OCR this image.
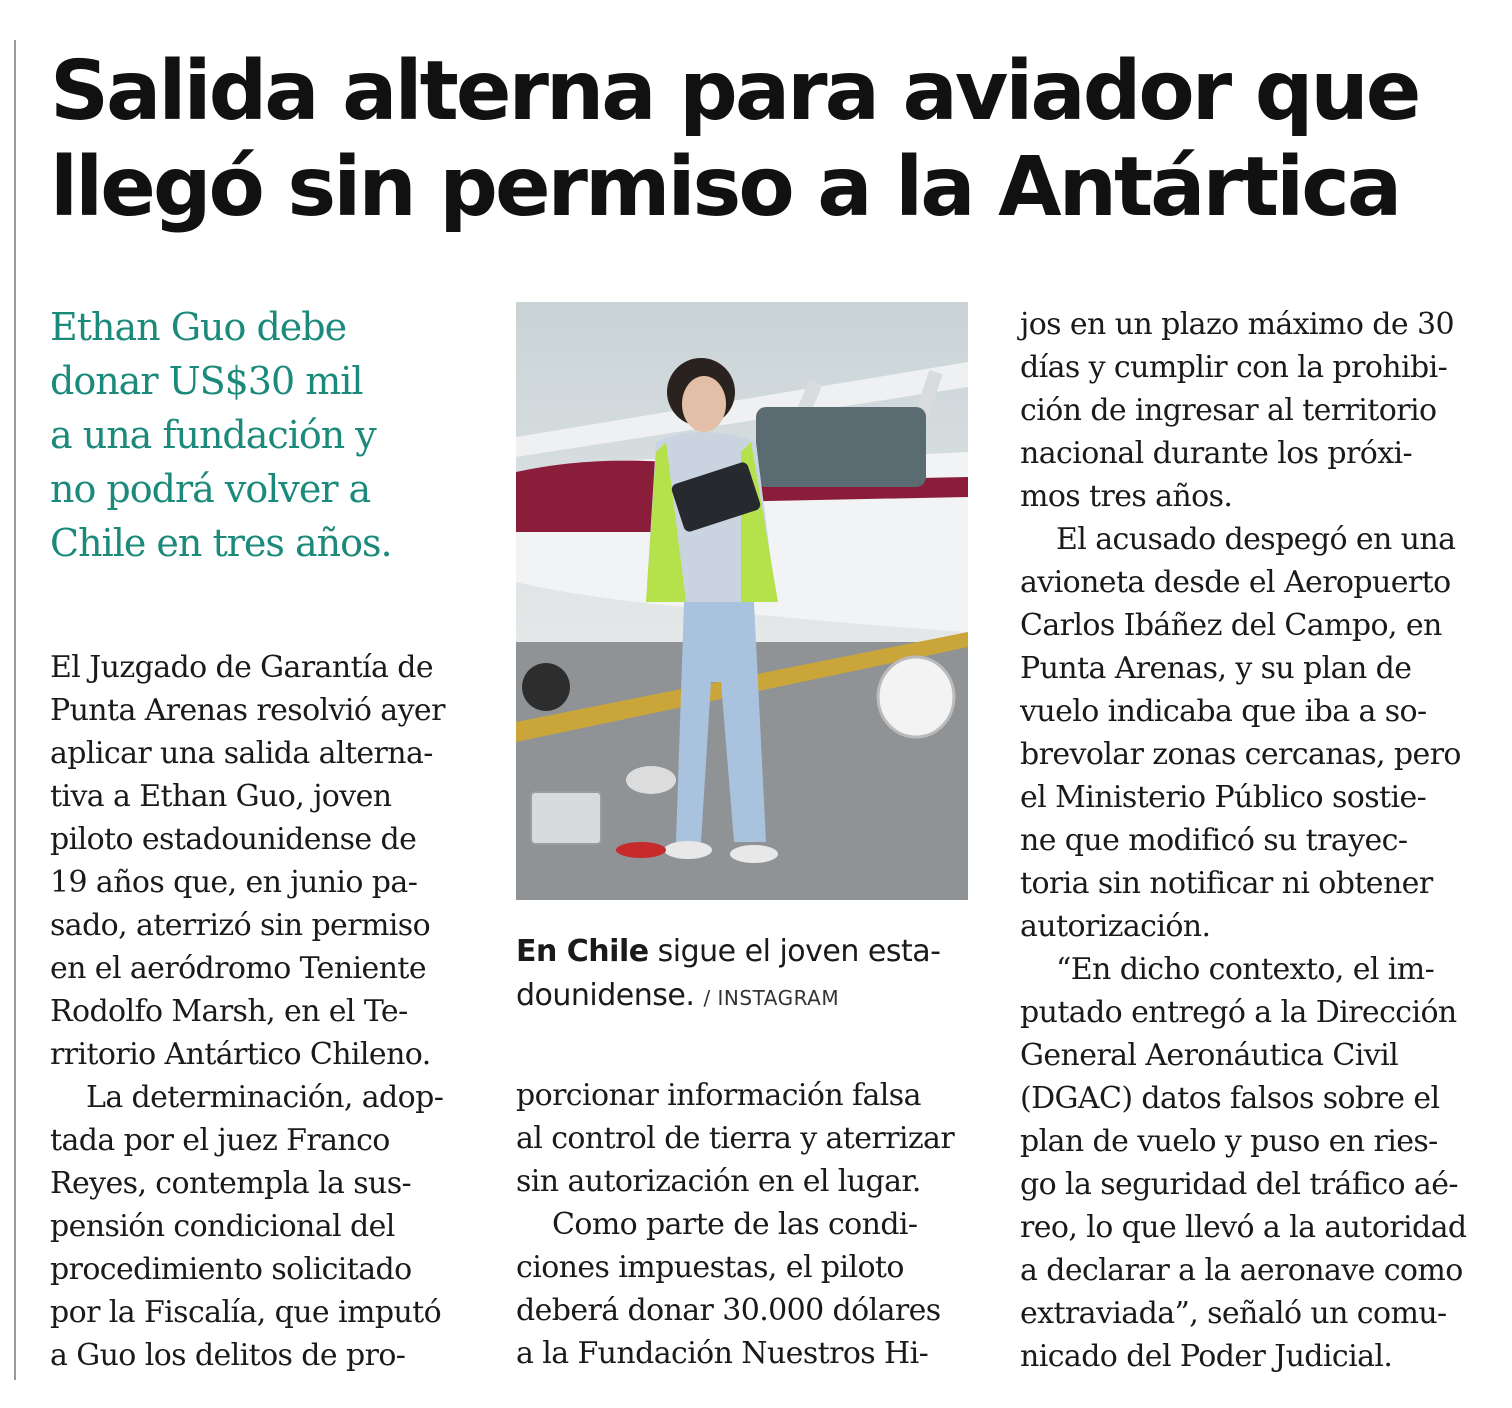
Salida alterna para aviador que
llegó sin permiso a la Antártica

Ethan Guo debe
donar US$30 mil
a una fundación y
no podrá volver a
Chile en tres años.

El Juzgado de Garantía de
Punta Arenas resolvió ayer
aplicar una salida alterna-
tiva a Ethan Guo, joven
piloto estadounidense de
19 años que, en junio pa-
sado, aterrizó sin permiso
en el aeródromo Teniente
Rodolfo Marsh, en el Te-
rritorio Antártico Chileno.

La determinación, adop-
tada por el juez Franco
Reyes, contempla la sus-
pensión condicional del
procedimiento solicitado
por la Fiscalía, que imputó
a Guo los delitos de pro-

En Chile sigue el joven esta- dounidense. / INSTAGRAM

porcionar información falsa
al control de tierra y aterrizar
sin autorización en el lugar.

Como parte de las condi-
ciones impuestas, el piloto
deberá donar 30.000 dólares
a la Fundación Nuestros Hi-

jos en un plazo máximo de 30
días y cumplir con la prohibi-
ción de ingresar al territorio
nacional durante los próxi-
mos tres años.

El acusado despegó en una
avioneta desde el Aeropuerto
Carlos Ibáñez del Campo, en
Punta Arenas, y su plan de
vuelo indicaba que iba a so-
brevolar zonas cercanas, pero
el Ministerio Público sostie-
ne que modificó su trayec-
toria sin notificar ni obtener
autorización.

“En dicho contexto, el im-
putado entregó a la Dirección
General Aeronáutica Civil
(DGAC) datos falsos sobre el
plan de vuelo y puso en ries-
go la seguridad del tráfico aé-
reo, lo que llevó a la autoridad
a declarar a la aeronave como
extraviada”, señaló un comu-
nicado del Poder Judicial.
